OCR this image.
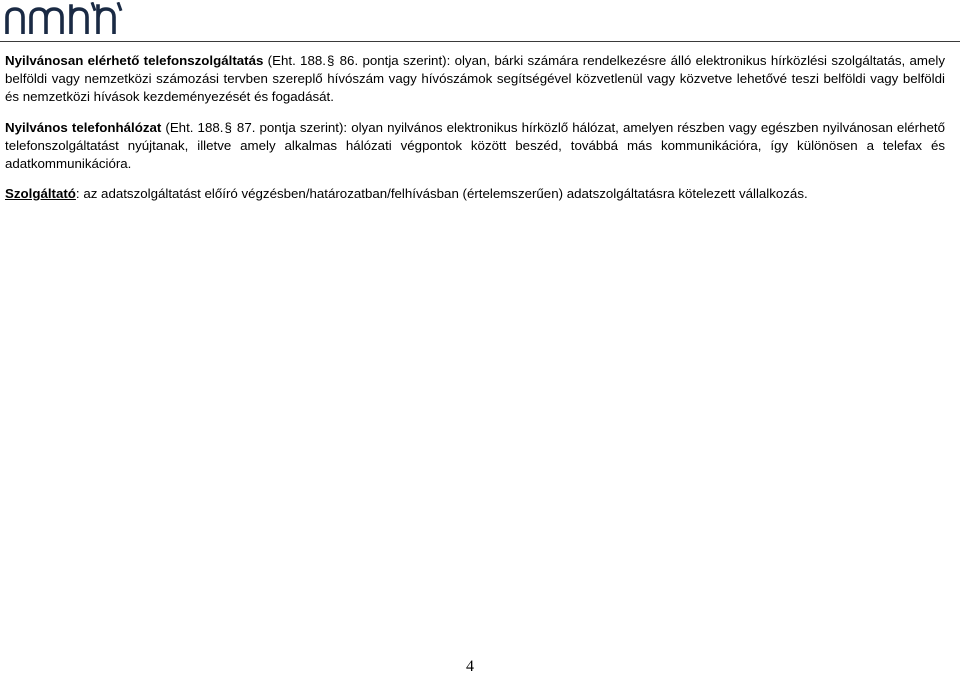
Nyilvánosan elérhető telefonszolgáltatás (Eht. 188.§ 86. pontja szerint): olyan, bárki számára rendelkezésre álló elektronikus hírközlési szolgáltatás, amely belföldi vagy nemzetközi számozási tervben szereplő hívószám vagy hívószámok segítségével közvetlenül vagy közvetve lehetővé teszi belföldi vagy belföldi és nemzetközi hívások kezdeményezését és fogadását.

Nyilvános telefonhálózat (Eht. 188.§ 87. pontja szerint): olyan nyilvános elektronikus hírközlő hálózat, amelyen részben vagy egészben nyilvánosan elérhető telefonszolgáltatást nyújtanak, illetve amely alkalmas hálózati végpontok között beszéd, továbbá más kommunikációra, így különösen a telefax és adatkommunikációra.

Szolgáltató: az adatszolgáltatást előíró végzésben/határozatban/felhívásban (értelemszerűen) adatszolgáltatásra kötelezett vállalkozás.

4
